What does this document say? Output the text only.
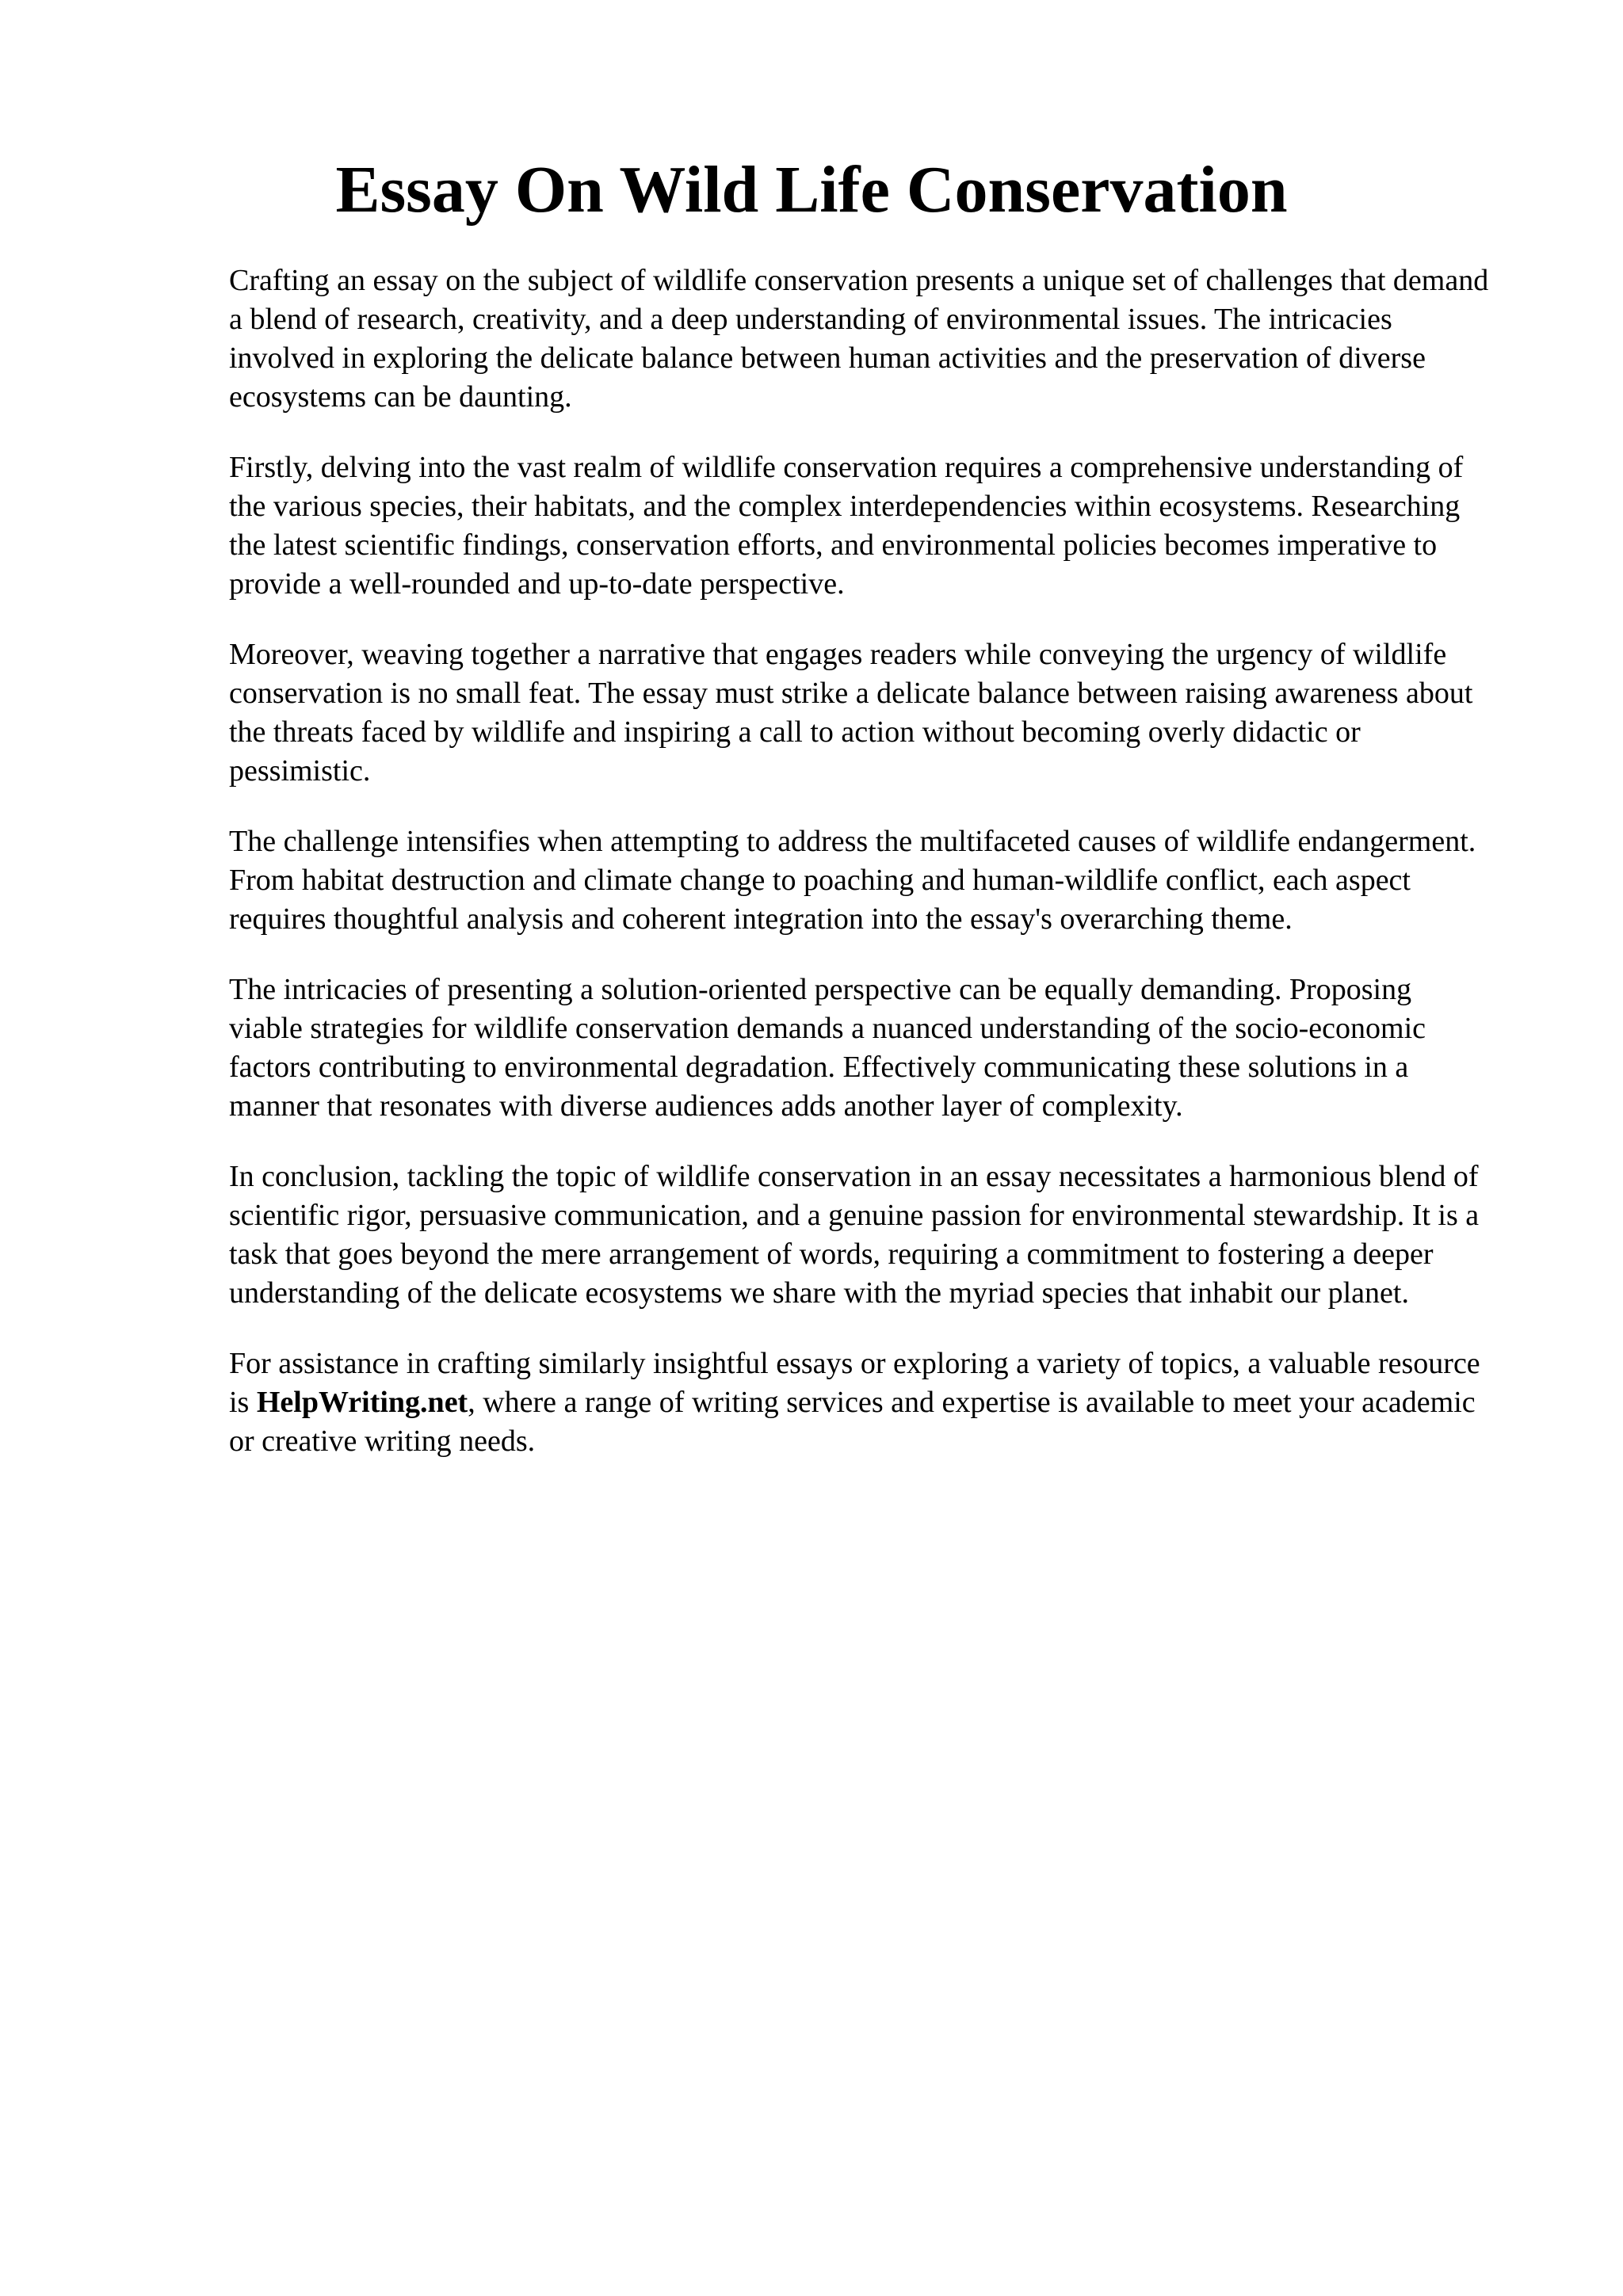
Essay On Wild Life Conservation

Crafting an essay on the subject of wildlife conservation presents a unique set of challenges that demand a blend of research, creativity, and a deep understanding of environmental issues. The intricacies involved in exploring the delicate balance between human activities and the preservation of diverse ecosystems can be daunting.

Firstly, delving into the vast realm of wildlife conservation requires a comprehensive understanding of the various species, their habitats, and the complex interdependencies within ecosystems. Researching the latest scientific findings, conservation efforts, and environmental policies becomes imperative to provide a well-rounded and up-to-date perspective.

Moreover, weaving together a narrative that engages readers while conveying the urgency of wildlife conservation is no small feat. The essay must strike a delicate balance between raising awareness about the threats faced by wildlife and inspiring a call to action without becoming overly didactic or pessimistic.

The challenge intensifies when attempting to address the multifaceted causes of wildlife endangerment. From habitat destruction and climate change to poaching and human-wildlife conflict, each aspect requires thoughtful analysis and coherent integration into the essay's overarching theme.

The intricacies of presenting a solution-oriented perspective can be equally demanding. Proposing viable strategies for wildlife conservation demands a nuanced understanding of the socio-economic factors contributing to environmental degradation. Effectively communicating these solutions in a manner that resonates with diverse audiences adds another layer of complexity.

In conclusion, tackling the topic of wildlife conservation in an essay necessitates a harmonious blend of scientific rigor, persuasive communication, and a genuine passion for environmental stewardship. It is a task that goes beyond the mere arrangement of words, requiring a commitment to fostering a deeper understanding of the delicate ecosystems we share with the myriad species that inhabit our planet.

For assistance in crafting similarly insightful essays or exploring a variety of topics, a valuable resource is HelpWriting.net, where a range of writing services and expertise is available to meet your academic or creative writing needs.
